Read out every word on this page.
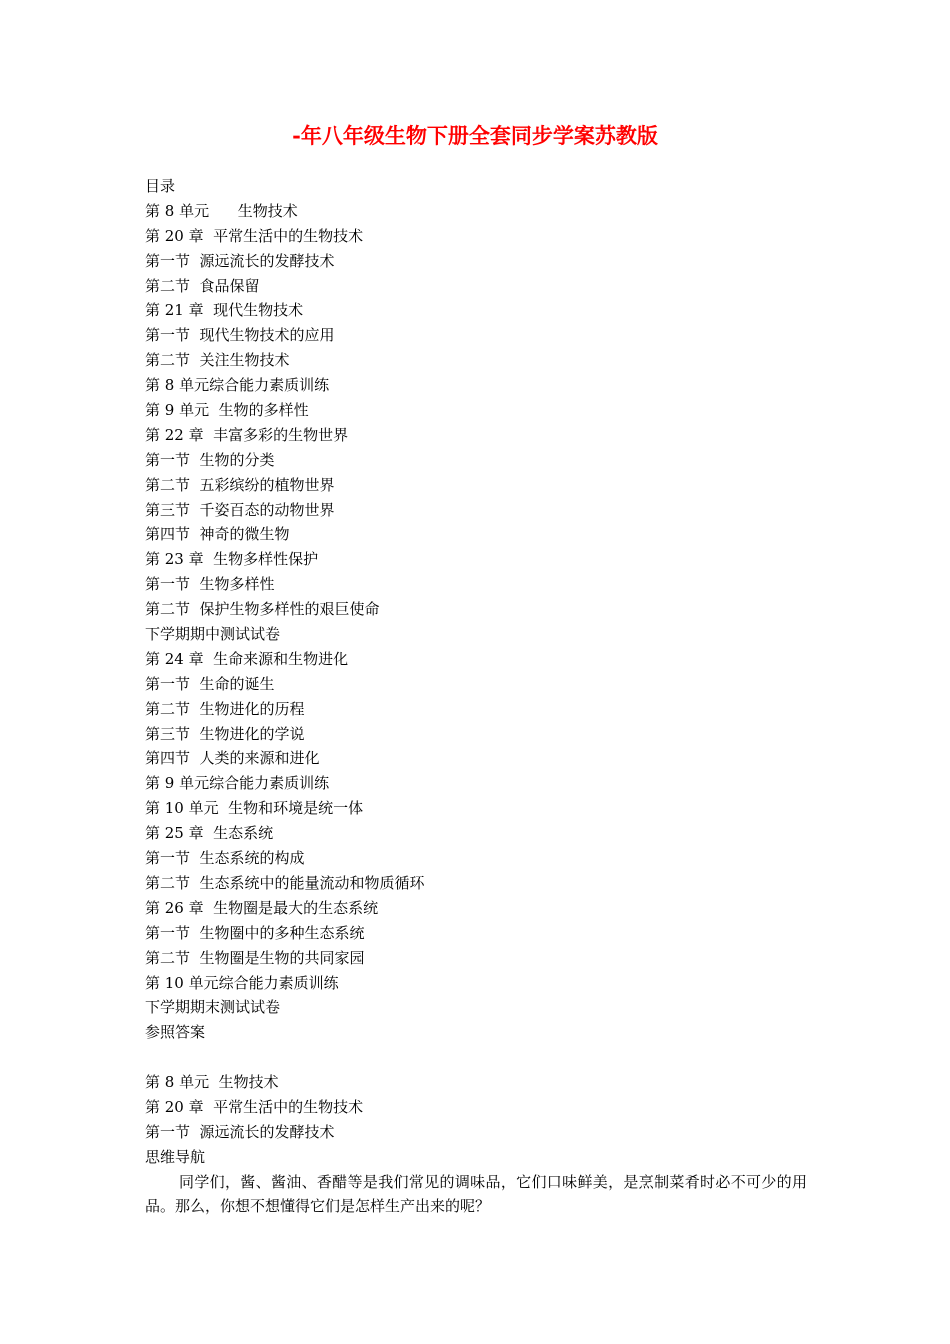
-年八年级生物下册全套同步学案苏教版
目录
第 8 单元      生物技术
第 20 章  平常生活中的生物技术
第一节  源远流长的发酵技术
第二节  食品保留
第 21 章  现代生物技术
第一节  现代生物技术的应用
第二节  关注生物技术
第 8 单元综合能力素质训练
第 9 单元  生物的多样性
第 22 章  丰富多彩的生物世界
第一节  生物的分类
第二节  五彩缤纷的植物世界
第三节  千姿百态的动物世界
第四节  神奇的微生物
第 23 章  生物多样性保护
第一节  生物多样性
第二节  保护生物多样性的艰巨使命
下学期期中测试试卷
第 24 章  生命来源和生物进化
第一节  生命的诞生
第二节  生物进化的历程
第三节  生物进化的学说
第四节  人类的来源和进化
第 9 单元综合能力素质训练
第 10 单元  生物和环境是统一体
第 25 章  生态系统
第一节  生态系统的构成
第二节  生态系统中的能量流动和物质循环
第 26 章  生物圈是最大的生态系统
第一节  生物圈中的多种生态系统
第二节  生物圈是生物的共同家园
第 10 单元综合能力素质训练
下学期期末测试试卷
参照答案
第 8 单元  生物技术
第 20 章  平常生活中的生物技术
第一节  源远流长的发酵技术
思维导航

同学们，酱、酱油、香醋等是我们常见的调味品，它们口味鲜美，是烹制菜肴时必不可少的用品。那么，你想不想懂得它们是怎样生产出来的呢？
